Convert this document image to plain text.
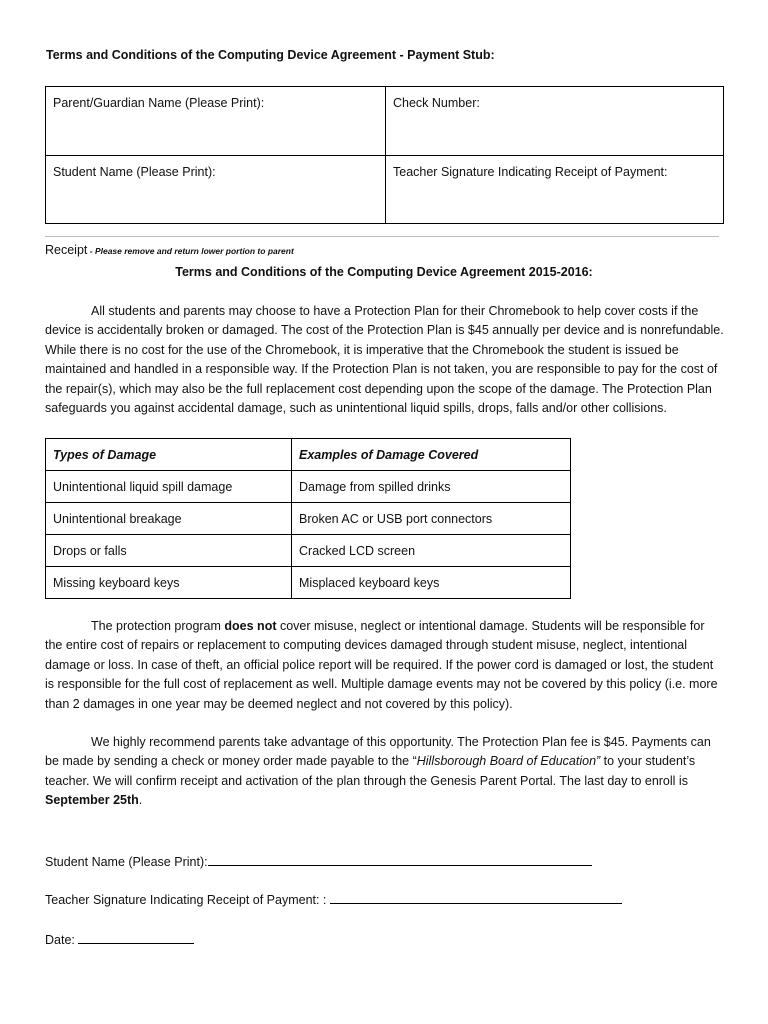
Terms and Conditions of the Computing Device Agreement - Payment Stub:
Parent/Guardian Name (Please Print):	Check Number:
Student Name (Please Print):	Teacher Signature Indicating Receipt of Payment:
Receipt - Please remove and return lower portion to parent
Terms and Conditions of the Computing Device Agreement 2015-2016:

All students and parents may choose to have a Protection Plan for their Chromebook to help cover costs if the device is accidentally broken or damaged. The cost of the Protection Plan is $45 annually per device and is nonrefundable. While there is no cost for the use of the Chromebook, it is imperative that the Chromebook the student is issued be maintained and handled in a responsible way. If the Protection Plan is not taken, you are responsible to pay for the cost of the repair(s), which may also be the full replacement cost depending upon the scope of the damage. The Protection Plan safeguards you against accidental damage, such as unintentional liquid spills, drops, falls and/or other collisions.

Types of Damage	Examples of Damage Covered
Unintentional liquid spill damage	Damage from spilled drinks
Unintentional breakage	Broken AC or USB port connectors
Drops or falls	Cracked LCD screen
Missing keyboard keys	Misplaced keyboard keys

The protection program does not cover misuse, neglect or intentional damage. Students will be responsible for the entire cost of repairs or replacement to computing devices damaged through student misuse, neglect, intentional damage or loss. In case of theft, an official police report will be required. If the power cord is damaged or lost, the student is responsible for the full cost of replacement as well. Multiple damage events may not be covered by this policy (i.e. more than 2 damages in one year may be deemed neglect and not covered by this policy).

We highly recommend parents take advantage of this opportunity. The Protection Plan fee is $45. Payments can be made by sending a check or money order made payable to the “Hillsborough Board of Education” to your student’s teacher. We will confirm receipt and activation of the plan through the Genesis Parent Portal. The last day to enroll is September 25th.

Student Name (Please Print):
Teacher Signature Indicating Receipt of Payment: :
Date:
